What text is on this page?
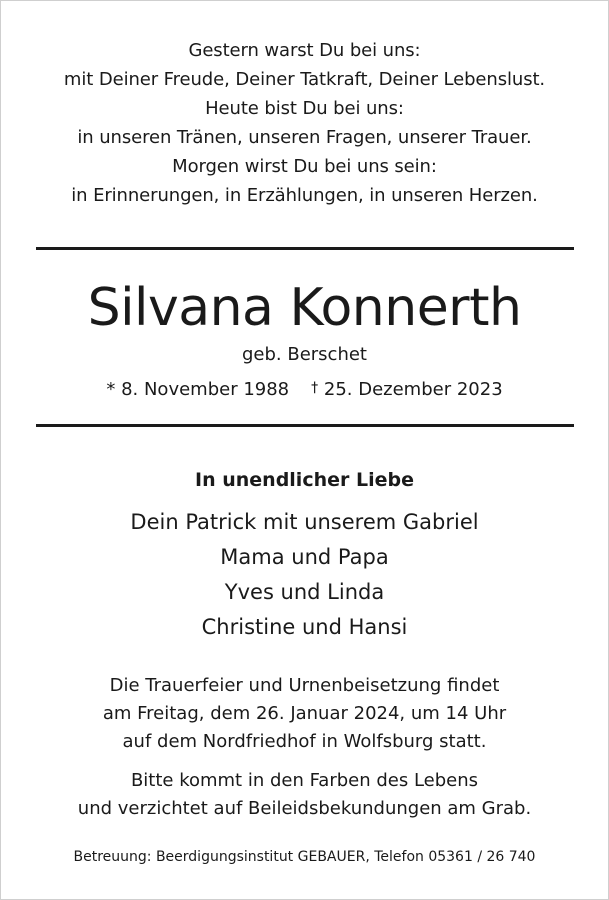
Gestern warst Du bei uns:
mit Deiner Freude, Deiner Tatkraft, Deiner Lebenslust.
Heute bist Du bei uns:
in unseren Tränen, unseren Fragen, unserer Trauer.
Morgen wirst Du bei uns sein:
in Erinnerungen, in Erzählungen, in unseren Herzen.
Silvana Konnerth
geb. Berschet
* 8. November 1988 † 25. Dezember 2023
In unendlicher Liebe
Dein Patrick mit unserem Gabriel
Mama und Papa
Yves und Linda
Christine und Hansi
Die Trauerfeier und Urnenbeisetzung findet
am Freitag, dem 26. Januar 2024, um 14 Uhr
auf dem Nordfriedhof in Wolfsburg statt.
Bitte kommt in den Farben des Lebens
und verzichtet auf Beileidsbekundungen am Grab.
Betreuung: Beerdigungsinstitut GEBAUER, Telefon 05361 / 26 740
